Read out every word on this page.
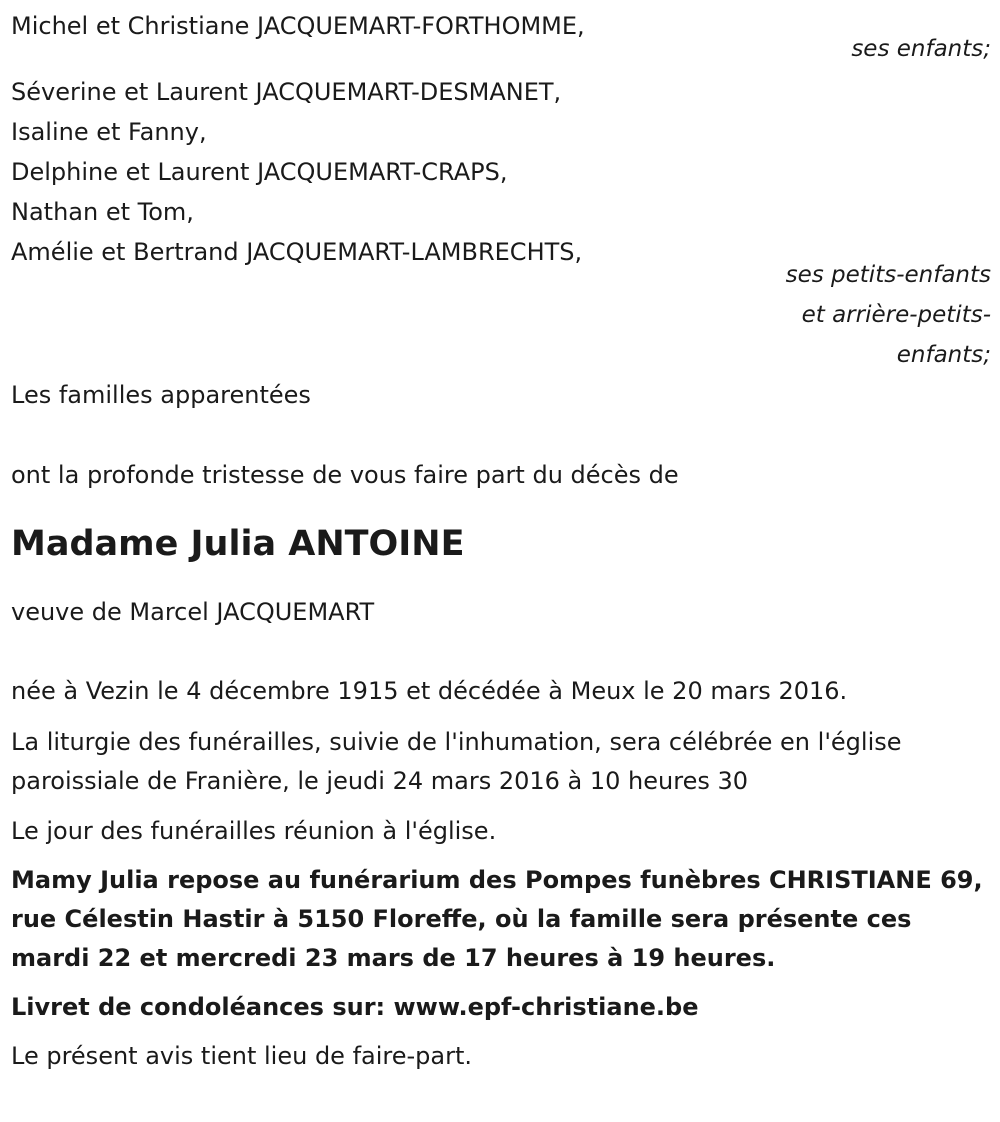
Michel et Christiane JACQUEMART-FORTHOMME,
ses enfants;
Séverine et Laurent JACQUEMART-DESMANET,
Isaline et Fanny,
Delphine et Laurent JACQUEMART-CRAPS,
Nathan et Tom,
Amélie et Bertrand JACQUEMART-LAMBRECHTS,
ses petits-enfants
et arrière-petits-
enfants;
Les familles apparentées
ont la profonde tristesse de vous faire part du décès de
Madame Julia ANTOINE
veuve de Marcel JACQUEMART
née à Vezin le 4 décembre 1915 et décédée à Meux le 20 mars 2016.
La liturgie des funérailles, suivie de l'inhumation, sera célébrée en l'église paroissiale de Franière, le jeudi 24 mars 2016 à 10 heures 30
Le jour des funérailles réunion à l'église.
Mamy Julia repose au funérarium des Pompes funèbres CHRISTIANE 69, rue Célestin Hastir à 5150 Floreffe, où la famille sera présente ces mardi 22 et mercredi 23 mars de 17 heures à 19 heures.
Livret de condoléances sur: www.epf-christiane.be
Le présent avis tient lieu de faire-part.
